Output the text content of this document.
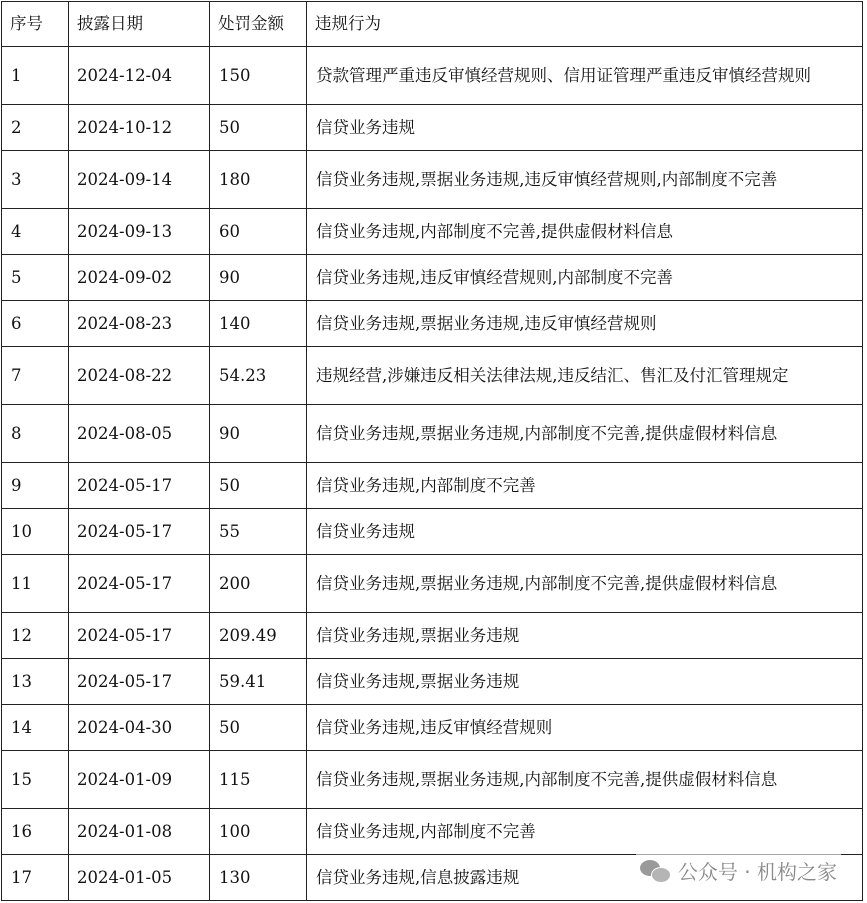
序号	披露日期	处罚金额	违规行为
1	2024-12-04	150	贷款管理严重违反审慎经营规则、信用证管理严重违反审慎经营规则
2	2024-10-12	50	信贷业务违规
3	2024-09-14	180	信贷业务违规,票据业务违规,违反审慎经营规则,内部制度不完善
4	2024-09-13	60	信贷业务违规,内部制度不完善,提供虚假材料信息
5	2024-09-02	90	信贷业务违规,违反审慎经营规则,内部制度不完善
6	2024-08-23	140	信贷业务违规,票据业务违规,违反审慎经营规则
7	2024-08-22	54.23	违规经营,涉嫌违反相关法律法规,违反结汇、售汇及付汇管理规定
8	2024-08-05	90	信贷业务违规,票据业务违规,内部制度不完善,提供虚假材料信息
9	2024-05-17	50	信贷业务违规,内部制度不完善
10	2024-05-17	55	信贷业务违规
11	2024-05-17	200	信贷业务违规,票据业务违规,内部制度不完善,提供虚假材料信息
12	2024-05-17	209.49	信贷业务违规,票据业务违规
13	2024-05-17	59.41	信贷业务违规,票据业务违规
14	2024-04-30	50	信贷业务违规,违反审慎经营规则
15	2024-01-09	115	信贷业务违规,票据业务违规,内部制度不完善,提供虚假材料信息
16	2024-01-08	100	信贷业务违规,内部制度不完善
17	2024-01-05	130	信贷业务违规,信息披露违规	公众号 · 机构之家
